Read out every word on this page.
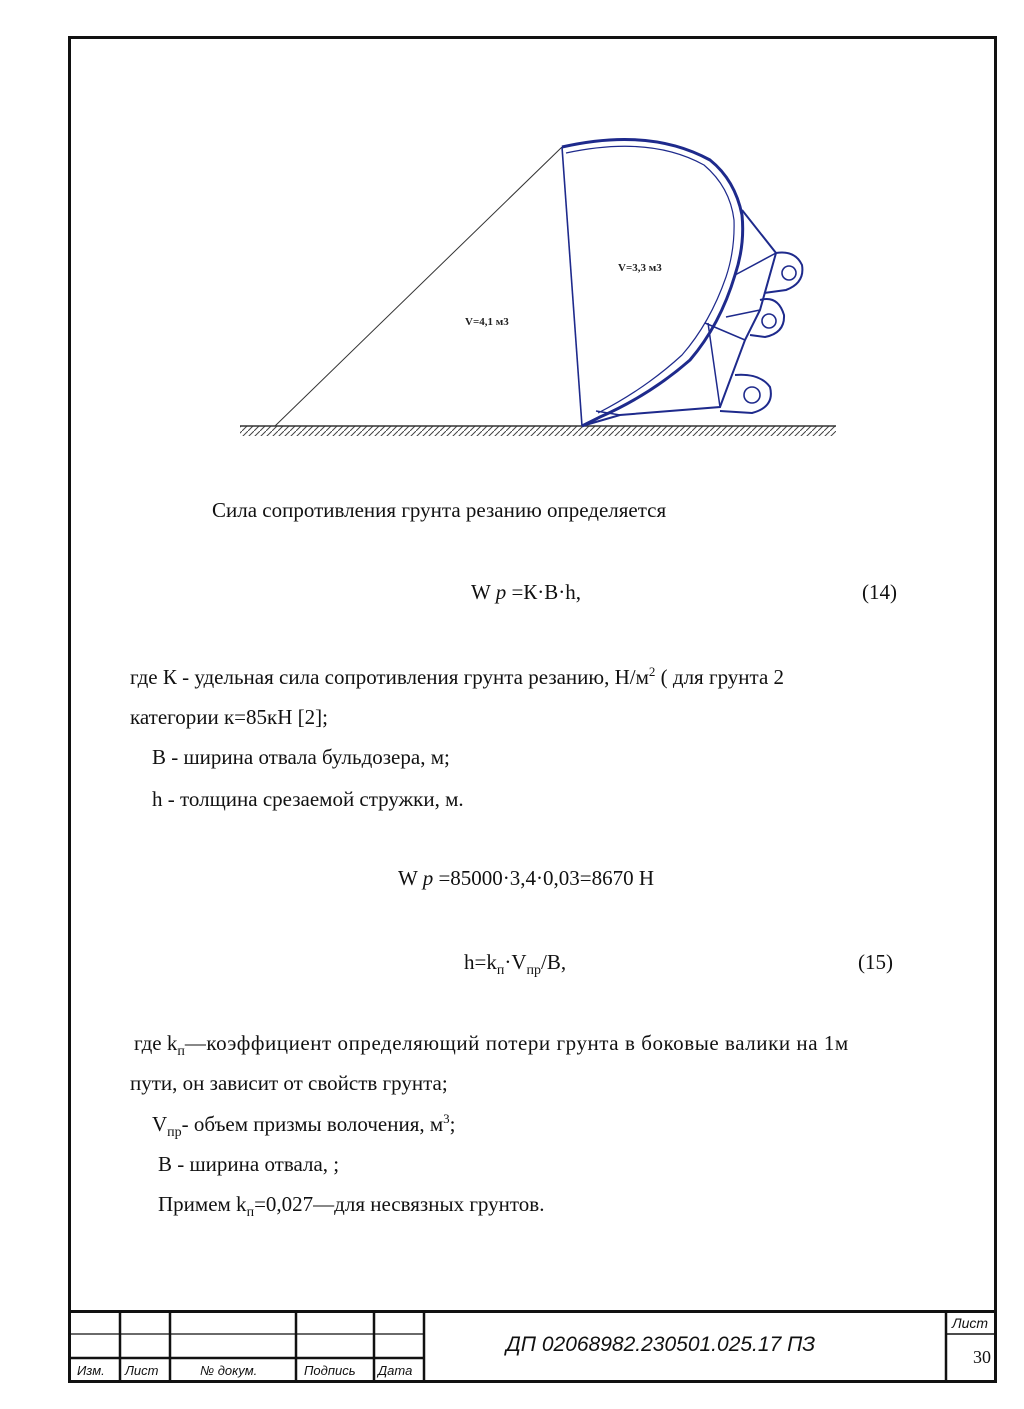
V=4,1 м3
V=3,3 м3
Сила сопротивления грунта резанию определяется
W p =К·В·h,	(14)
где К - удельная сила сопротивления грунта резанию, $Н/м^2$ ( для грунта 2
категории к=85кН [2];
В - ширина отвала бульдозера, м;
h - толщина срезаемой стружки, м.
W p =85000·3,4·0,03=8670 Н
$h=k_п\cdot V_{пр}/B$,	(15)
где $k_п—коэффициент$ определяющий потери грунта в боковые валики на 1м
пути, он зависит от свойств грунта;
$V_{пр}-$ объем призмы волочения, $м^3$;
В - ширина отвала, ;
Примем $k_п=0,027—для$ несвязных грунтов.
Изм. Лист	№ докум.	Подпись Дата
ДП 02068982.230501.025.17 ПЗ
Лист
30
